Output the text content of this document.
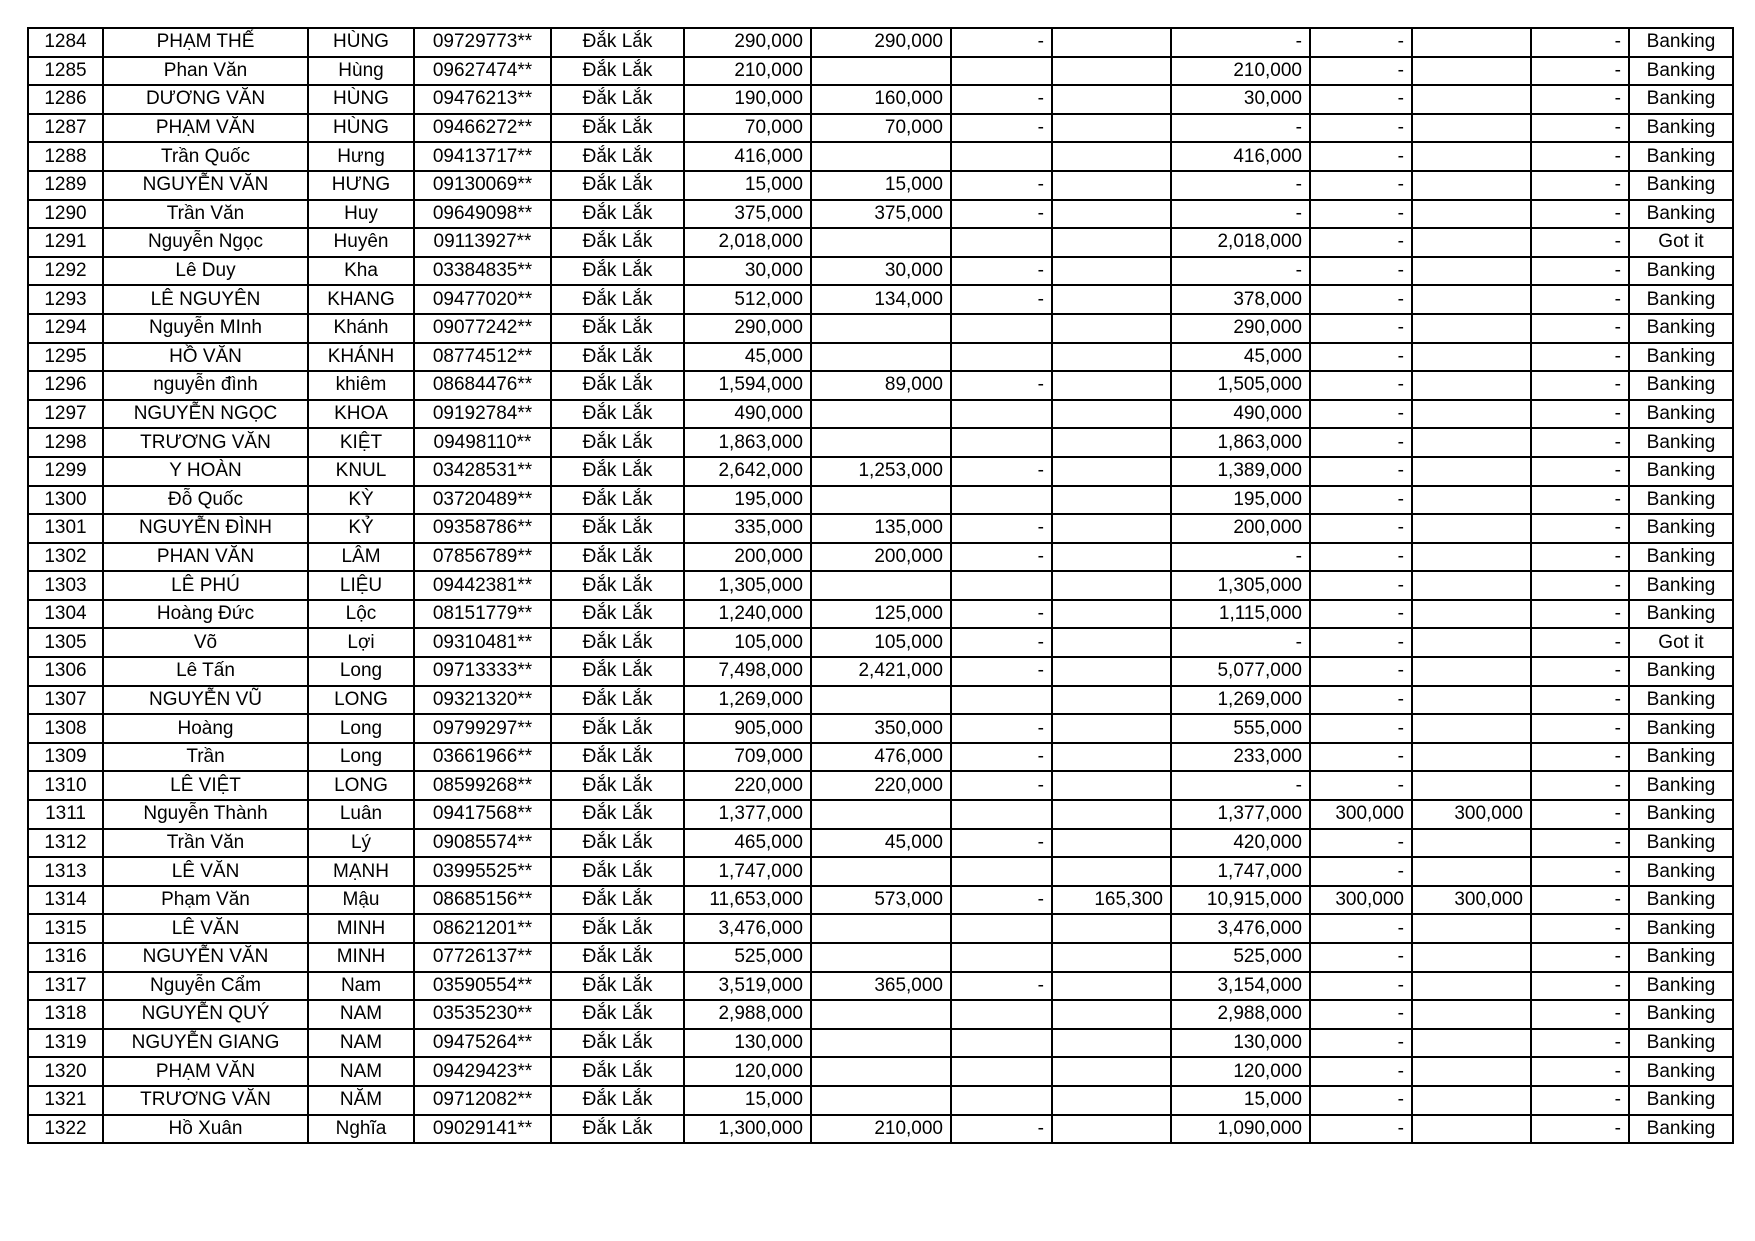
1284	PHẠM THẾ	HÙNG	09729773**	Đắk Lắk	290,000	290,000	-		-	-		-	Banking
1285	Phan Văn	Hùng	09627474**	Đắk Lắk	210,000				210,000	-		-	Banking
1286	DƯƠNG VĂN	HÙNG	09476213**	Đắk Lắk	190,000	160,000	-		30,000	-		-	Banking
1287	PHẠM VĂN	HÙNG	09466272**	Đắk Lắk	70,000	70,000	-		-	-		-	Banking
1288	Trần Quốc	Hưng	09413717**	Đắk Lắk	416,000				416,000	-		-	Banking
1289	NGUYỄN VĂN	HƯNG	09130069**	Đắk Lắk	15,000	15,000	-		-	-		-	Banking
1290	Trần Văn	Huy	09649098**	Đắk Lắk	375,000	375,000	-		-	-		-	Banking
1291	Nguyễn Ngọc	Huyên	09113927**	Đắk Lắk	2,018,000				2,018,000	-		-	Got it
1292	Lê Duy	Kha	03384835**	Đắk Lắk	30,000	30,000	-		-	-		-	Banking
1293	LÊ NGUYÊN	KHANG	09477020**	Đắk Lắk	512,000	134,000	-		378,000	-		-	Banking
1294	Nguyễn MInh	Khánh	09077242**	Đắk Lắk	290,000				290,000	-		-	Banking
1295	HỒ VĂN	KHÁNH	08774512**	Đắk Lắk	45,000				45,000	-		-	Banking
1296	nguyễn đình	khiêm	08684476**	Đắk Lắk	1,594,000	89,000	-		1,505,000	-		-	Banking
1297	NGUYỄN NGỌC	KHOA	09192784**	Đắk Lắk	490,000				490,000	-		-	Banking
1298	TRƯƠNG VĂN	KIỆT	09498110**	Đắk Lắk	1,863,000				1,863,000	-		-	Banking
1299	Y HOÀN	KNUL	03428531**	Đắk Lắk	2,642,000	1,253,000	-		1,389,000	-		-	Banking
1300	Đỗ Quốc	KỲ	03720489**	Đắk Lắk	195,000				195,000	-		-	Banking
1301	NGUYỄN ĐÌNH	KỶ	09358786**	Đắk Lắk	335,000	135,000	-		200,000	-		-	Banking
1302	PHAN VĂN	LÂM	07856789**	Đắk Lắk	200,000	200,000	-		-	-		-	Banking
1303	LÊ PHÚ	LIỆU	09442381**	Đắk Lắk	1,305,000				1,305,000	-		-	Banking
1304	Hoàng Đức	Lộc	08151779**	Đắk Lắk	1,240,000	125,000	-		1,115,000	-		-	Banking
1305	Võ	Lợi	09310481**	Đắk Lắk	105,000	105,000	-		-	-		-	Got it
1306	Lê Tấn	Long	09713333**	Đắk Lắk	7,498,000	2,421,000	-		5,077,000	-		-	Banking
1307	NGUYỄN VŨ	LONG	09321320**	Đắk Lắk	1,269,000				1,269,000	-		-	Banking
1308	Hoàng	Long	09799297**	Đắk Lắk	905,000	350,000	-		555,000	-		-	Banking
1309	Trần	Long	03661966**	Đắk Lắk	709,000	476,000	-		233,000	-		-	Banking
1310	LÊ VIỆT	LONG	08599268**	Đắk Lắk	220,000	220,000	-		-	-		-	Banking
1311	Nguyễn Thành	Luân	09417568**	Đắk Lắk	1,377,000				1,377,000	300,000	300,000	-	Banking
1312	Trần Văn	Lý	09085574**	Đắk Lắk	465,000	45,000	-		420,000	-		-	Banking
1313	LÊ VĂN	MẠNH	03995525**	Đắk Lắk	1,747,000				1,747,000	-		-	Banking
1314	Phạm Văn	Mậu	08685156**	Đắk Lắk	11,653,000	573,000	-	165,300	10,915,000	300,000	300,000	-	Banking
1315	LÊ VĂN	MINH	08621201**	Đắk Lắk	3,476,000				3,476,000	-		-	Banking
1316	NGUYỄN VĂN	MINH	07726137**	Đắk Lắk	525,000				525,000	-		-	Banking
1317	Nguyễn Cẩm	Nam	03590554**	Đắk Lắk	3,519,000	365,000	-		3,154,000	-		-	Banking
1318	NGUYỄN QUÝ	NAM	03535230**	Đắk Lắk	2,988,000				2,988,000	-		-	Banking
1319	NGUYỄN GIANG	NAM	09475264**	Đắk Lắk	130,000				130,000	-		-	Banking
1320	PHẠM VĂN	NAM	09429423**	Đắk Lắk	120,000				120,000	-		-	Banking
1321	TRƯƠNG VĂN	NĂM	09712082**	Đắk Lắk	15,000				15,000	-		-	Banking
1322	Hồ Xuân	Nghĩa	09029141**	Đắk Lắk	1,300,000	210,000	-		1,090,000	-		-	Banking
